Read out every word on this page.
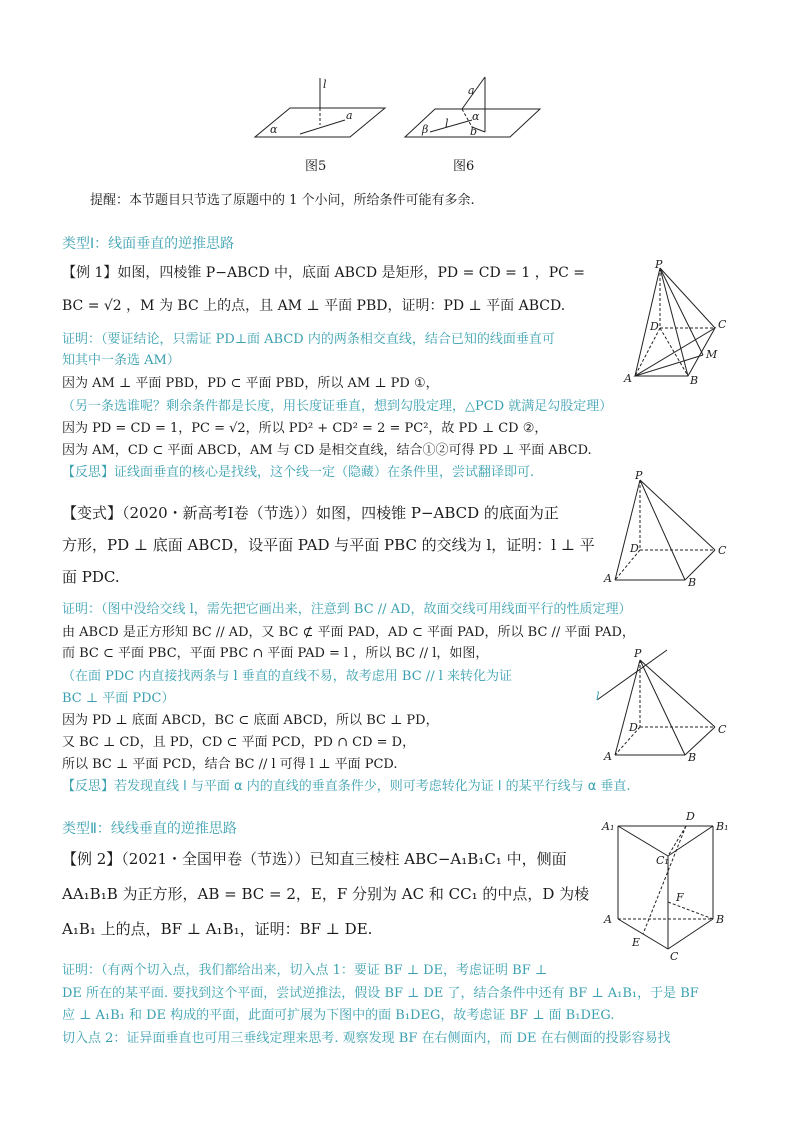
l
a
α
图5
a
α
β l
b
图6
提醒：本节题目只节选了原题中的 1 个小问，所给条件可能有多余.
类型Ⅰ：线面垂直的逆推思路
【例 1】如图，四棱锥 P−ABCD 中，底面 ABCD 是矩形，PD = CD = 1 ，PC =
BC = √2 ，M 为 BC 上的点，且 AM ⊥ 平面 PBD，证明：PD ⊥ 平面 ABCD.
证明：（要证结论，只需证 PD⊥面 ABCD 内的两条相交直线，结合已知的线面垂直可
知其中一条选 AM）
因为 AM ⊥ 平面 PBD，PD ⊂ 平面 PBD，所以 AM ⊥ PD ①，
（另一条选谁呢？剩余条件都是长度，用长度证垂直，想到勾股定理，△PCD 就满足勾股定理）
因为 PD = CD = 1，PC = √2，所以 PD² + CD² = 2 = PC²，故 PD ⊥ CD ②，
因为 AM，CD ⊂ 平面 ABCD，AM 与 CD 是相交直线，结合①②可得 PD ⊥ 平面 ABCD.
【反思】证线面垂直的核心是找线，这个线一定（隐藏）在条件里，尝试翻译即可.
P
D	C
M
A	B
【变式】（2020・新高考Ⅰ卷（节选））如图，四棱锥 P−ABCD 的底面为正
方形，PD ⊥ 底面 ABCD，设平面 PAD 与平面 PBC 的交线为 l，证明：l ⊥ 平
面 PDC.
P
D	C
A	B
证明：（图中没给交线 l，需先把它画出来，注意到 BC // AD，故面交线可用线面平行的性质定理）
由 ABCD 是正方形知 BC // AD，又 BC ⊄ 平面 PAD，AD ⊂ 平面 PAD，所以 BC // 平面 PAD，
而 BC ⊂ 平面 PBC，平面 PBC ∩ 平面 PAD = l ，所以 BC // l，如图，
（在面 PDC 内直接找两条与 l 垂直的直线不易，故考虑用 BC // l 来转化为证
BC ⊥ 平面 PDC）
因为 PD ⊥ 底面 ABCD，BC ⊂ 底面 ABCD，所以 BC ⊥ PD，
又 BC ⊥ CD，且 PD，CD ⊂ 平面 PCD，PD ∩ CD = D，
所以 BC ⊥ 平面 PCD，结合 BC // l 可得 l ⊥ 平面 PCD.
【反思】若发现直线 l 与平面 α 内的直线的垂直条件少，则可考虑转化为证 l 的某平行线与 α 垂直.
P
l
D	C
A	B
类型Ⅱ：线线垂直的逆推思路
【例 2】（2021・全国甲卷（节选））已知直三棱柱 ABC−A₁B₁C₁ 中，侧面
AA₁B₁B 为正方形，AB = BC = 2，E，F 分别为 AC 和 CC₁ 的中点，D 为棱
A₁B₁ 上的点，BF ⊥ A₁B₁，证明：BF ⊥ DE.
A₁	B₁
D
C₁
F
A	B
E
C
证明：（有两个切入点，我们都给出来，切入点 1：要证 BF ⊥ DE，考虑证明 BF ⊥
DE 所在的某平面. 要找到这个平面，尝试逆推法，假设 BF ⊥ DE 了，结合条件中还有 BF ⊥ A₁B₁，于是 BF
应 ⊥ A₁B₁ 和 DE 构成的平面，此面可扩展为下图中的面 B₁DEG，故考虑证 BF ⊥ 面 B₁DEG.
切入点 2：证异面垂直也可用三垂线定理来思考. 观察发现 BF 在右侧面内，而 DE 在右侧面的投影容易找
